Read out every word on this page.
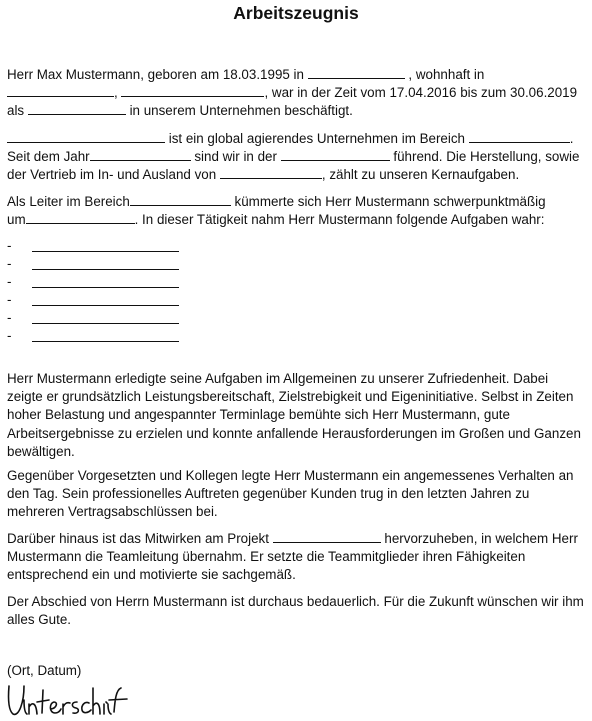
Arbeitszeugnis

Herr Max Mustermann, geboren am 18.03.1995 in	, wohnhaft in
,	, war in der Zeit vom 17.04.2016 bis zum 30.06.2019
als	in unserem Unternehmen beschäftigt.

ist ein global agierendes Unternehmen im Bereich	.
Seit dem Jahr	sind wir in der	führend. Die Herstellung, sowie
der Vertrieb im In- und Ausland von	, zählt zu unseren Kernaufgaben.

Als Leiter im Bereich	kümmerte sich Herr Mustermann schwerpunktmäßig
um	. In dieser Tätigkeit nahm Herr Mustermann folgende Aufgaben wahr:

-
-
-
-
-
-

Herr Mustermann erledigte seine Aufgaben im Allgemeinen zu unserer Zufriedenheit. Dabei zeigte er grundsätzlich Leistungsbereitschaft, Zielstrebigkeit und Eigeninitiative. Selbst in Zeiten hoher Belastung und angespannter Terminlage bemühte sich Herr Mustermann, gute Arbeitsergebnisse zu erzielen und konnte anfallende Herausforderungen im Großen und Ganzen bewältigen.

Gegenüber Vorgesetzten und Kollegen legte Herr Mustermann ein angemessenes Verhalten an den Tag. Sein professionelles Auftreten gegenüber Kunden trug in den letzten Jahren zu mehreren Vertragsabschlüssen bei.

Darüber hinaus ist das Mitwirken am Projekt	hervorzuheben, in welchem Herr Mustermann die Teamleitung übernahm. Er setzte die Teammitglieder ihren Fähigkeiten entsprechend ein und motivierte sie sachgemäß.

Der Abschied von Herrn Mustermann ist durchaus bedauerlich. Für die Zukunft wünschen wir ihm alles Gute.

(Ort, Datum)
